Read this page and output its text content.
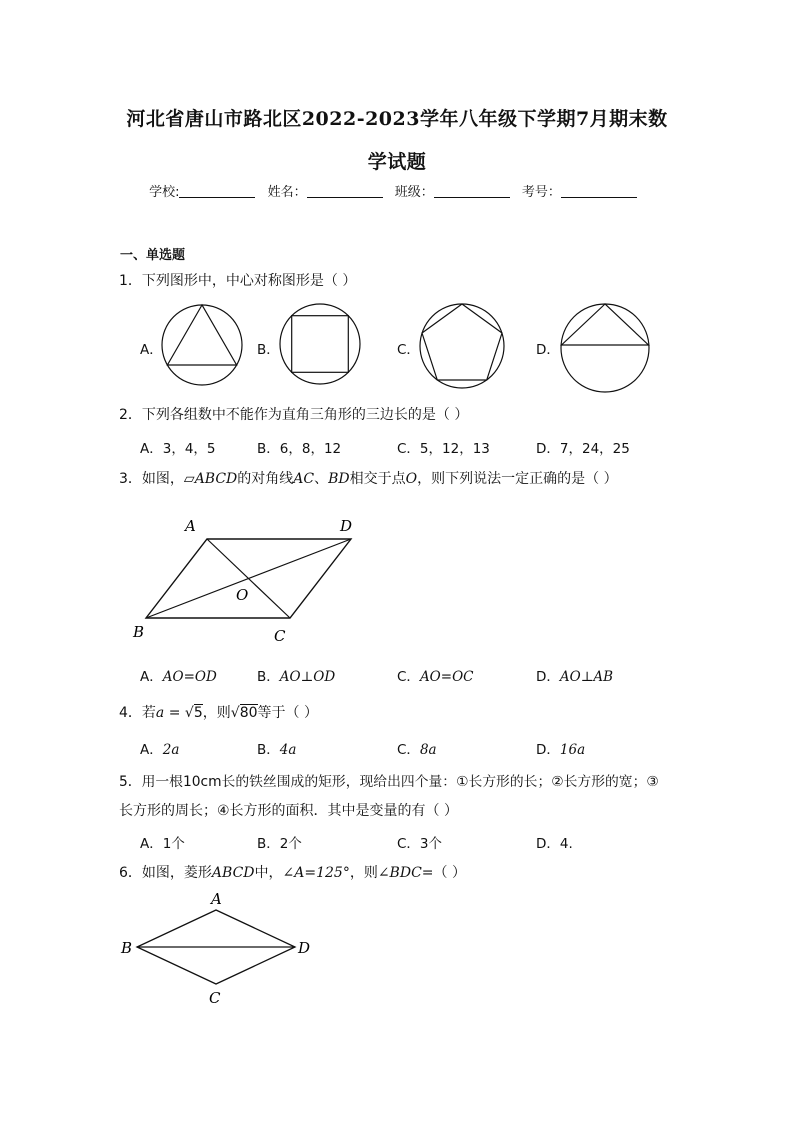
河北省唐山市路北区2022-2023学年八年级下学期7月期末数
学试题
学校:	姓名：	班级：	考号：
一、单选题
1．下列图形中，中心对称图形是（ ）
A．	B．	C．	D．
2．下列各组数中不能作为直角三角形的三边长的是（ ）
A．3，4，5	B．6，8，12	C．5，12，13	D．7，24，25
3．如图，▱ABCD的对角线AC、BD相交于点O，则下列说法一定正确的是（ ）
A	D
B	C
O
A．AO=OD	B．AO⊥OD	C．AO=OC	D．AO⊥AB
4．若a = √5，则√80等于（ ）
A．2a	B．4a	C．8a	D．16a
5．用一根10cm长的铁丝围成的矩形，现给出四个量：①长方形的长；②长方形的宽；③
长方形的周长；④长方形的面积．其中是变量的有（ ）
A．1个	B．2个	C．3个	D．4.
6．如图，菱形ABCD中，∠A=125°，则∠BDC=（ ）
A
B	D
C
